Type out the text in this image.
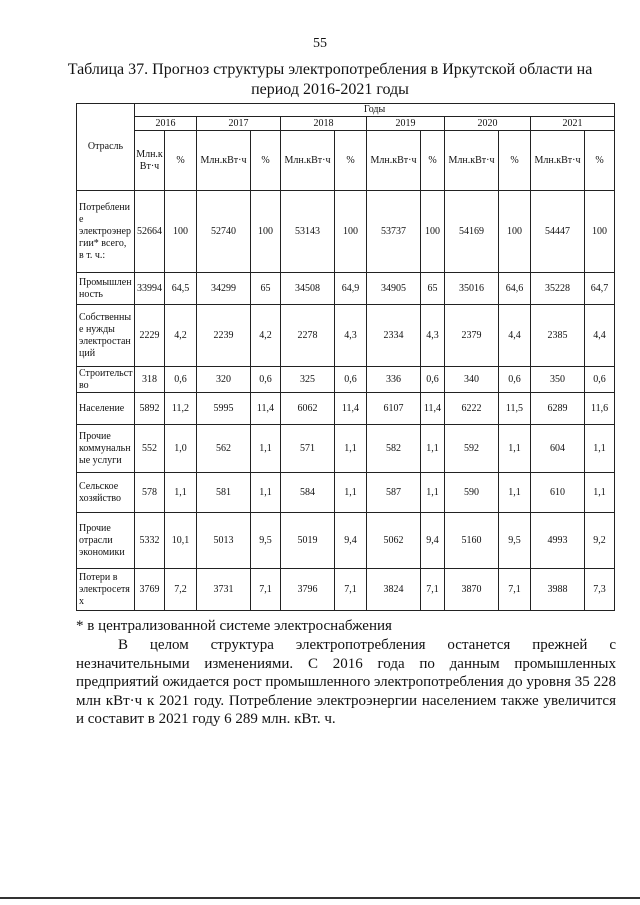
55
Таблица 37. Прогноз структуры электропотребления в Иркутской области на период 2016-2021 годы
Отрасль	Годы											
	2016		2017		2018		2019		2020		2021	
	Млн.кВт·ч	%	Млн.кВт·ч	%	Млн.кВт·ч	%	Млн.кВт·ч	%	Млн.кВт·ч	%	Млн.кВт·ч	%
Потребление электроэнергии* всего, в т. ч.:	52664	100	52740	100	53143	100	53737	100	54169	100	54447	100
Промышленность	33994	64,5	34299	65	34508	64,9	34905	65	35016	64,6	35228	64,7
Собственные нужды электростанций	2229	4,2	2239	4,2	2278	4,3	2334	4,3	2379	4,4	2385	4,4
Строительство	318	0,6	320	0,6	325	0,6	336	0,6	340	0,6	350	0,6
Население	5892	11,2	5995	11,4	6062	11,4	6107	11,4	6222	11,5	6289	11,6
Прочие коммунальные услуги	552	1,0	562	1,1	571	1,1	582	1,1	592	1,1	604	1,1
Сельское хозяйство	578	1,1	581	1,1	584	1,1	587	1,1	590	1,1	610	1,1
Прочие отрасли экономики	5332	10,1	5013	9,5	5019	9,4	5062	9,4	5160	9,5	4993	9,2
Потери в электросетях	3769	7,2	3731	7,1	3796	7,1	3824	7,1	3870	7,1	3988	7,3
* в централизованной системе электроснабжения
В целом структура электропотребления останется прежней с незначительными изменениями. С 2016 года по данным промышленных предприятий ожидается рост промышленного электропотребления до уровня 35 228 млн кВт·ч к 2021 году. Потребление электроэнергии населением также увеличится и составит в 2021 году 6 289 млн. кВт. ч.
